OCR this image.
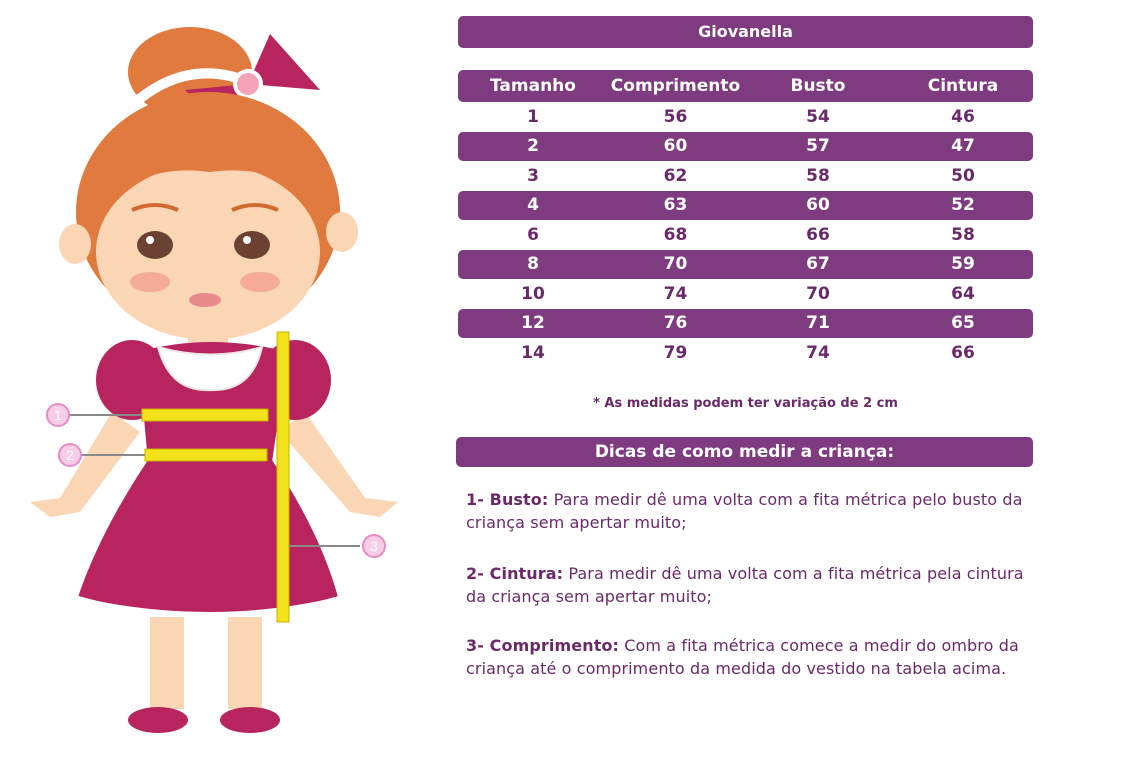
1
2
3
Giovanella
Tamanho	Comprimento	Busto	Cintura
1	56	54	46
2	60	57	47
3	62	58	50
4	63	60	52
6	68	66	58
8	70	67	59
10	74	70	64
12	76	71	65
14	79	74	66
* As medidas podem ter variação de 2 cm
Dicas de como medir a criança:
1- Busto: Para medir dê uma volta com a fita métrica pelo busto da criança sem apertar muito;
2- Cintura: Para medir dê uma volta com a fita métrica pela cintura da criança sem apertar muito;
3- Comprimento: Com a fita métrica comece a medir do ombro da criança até o comprimento da medida do vestido na tabela acima.
